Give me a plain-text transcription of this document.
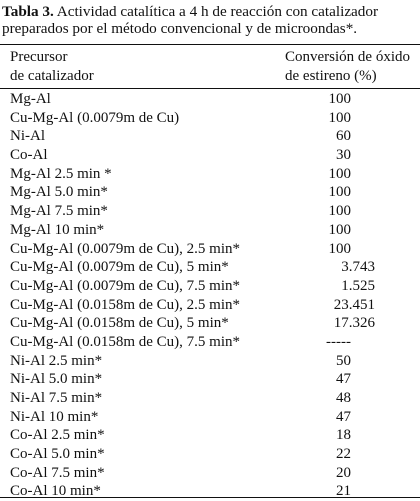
Tabla 3. Actividad catalítica a 4 h de reacción con catalizador preparados por el método convencional y de microondas*.

Precursor
de catalizador
Conversión de óxido
de estireno (%)
Mg-Al	100
Cu-Mg-Al (0.0079m de Cu)	100
Ni-Al	60
Co-Al	30
Mg-Al 2.5 min *	100
Mg-Al 5.0 min*	100
Mg-Al 7.5 min*	100
Mg-Al 10 min*	100
Cu-Mg-Al (0.0079m de Cu), 2.5 min*	100
Cu-Mg-Al (0.0079m de Cu), 5 min*	3.743
Cu-Mg-Al (0.0079m de Cu), 7.5 min*	1.525
Cu-Mg-Al (0.0158m de Cu), 2.5 min*	23.451
Cu-Mg-Al (0.0158m de Cu), 5 min*	17.326
Cu-Mg-Al (0.0158m de Cu), 7.5 min*	-----
Ni-Al 2.5 min*	50
Ni-Al 5.0 min*	47
Ni-Al 7.5 min*	48
Ni-Al 10 min*	47
Co-Al 2.5 min*	18
Co-Al 5.0 min*	22
Co-Al 7.5 min*	20
Co-Al 10 min*	21
